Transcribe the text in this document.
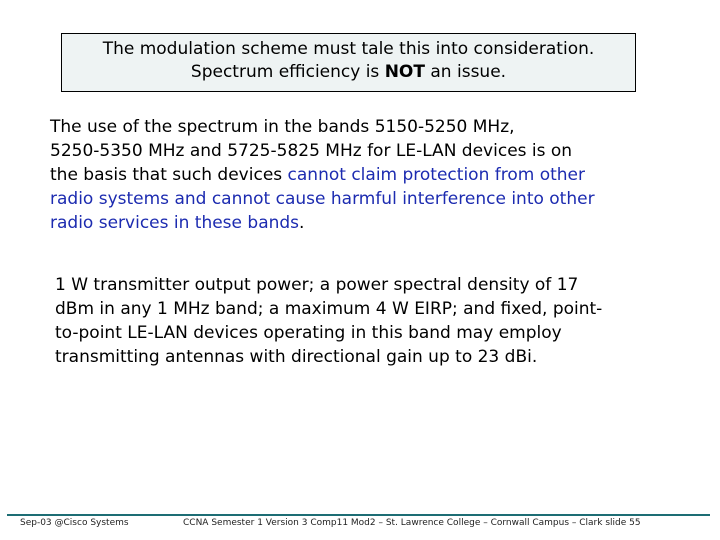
The modulation scheme must tale this into consideration.
Spectrum efficiency is NOT an issue.
The use of the spectrum in the bands 5150-5250 MHz,
5250-5350 MHz and 5725-5825 MHz for LE-LAN devices is on
the basis that such devices cannot claim protection from other
radio systems and cannot cause harmful interference into other
radio services in these bands.
1 W transmitter output power; a power spectral density of 17
dBm in any 1 MHz band; a maximum 4 W EIRP; and fixed, point-
to-point LE-LAN devices operating in this band may employ
transmitting antennas with directional gain up to 23 dBi.
Sep-03 @Cisco Systems	CCNA Semester 1 Version 3 Comp11 Mod2 – St. Lawrence College – Cornwall Campus – Clark slide 55
